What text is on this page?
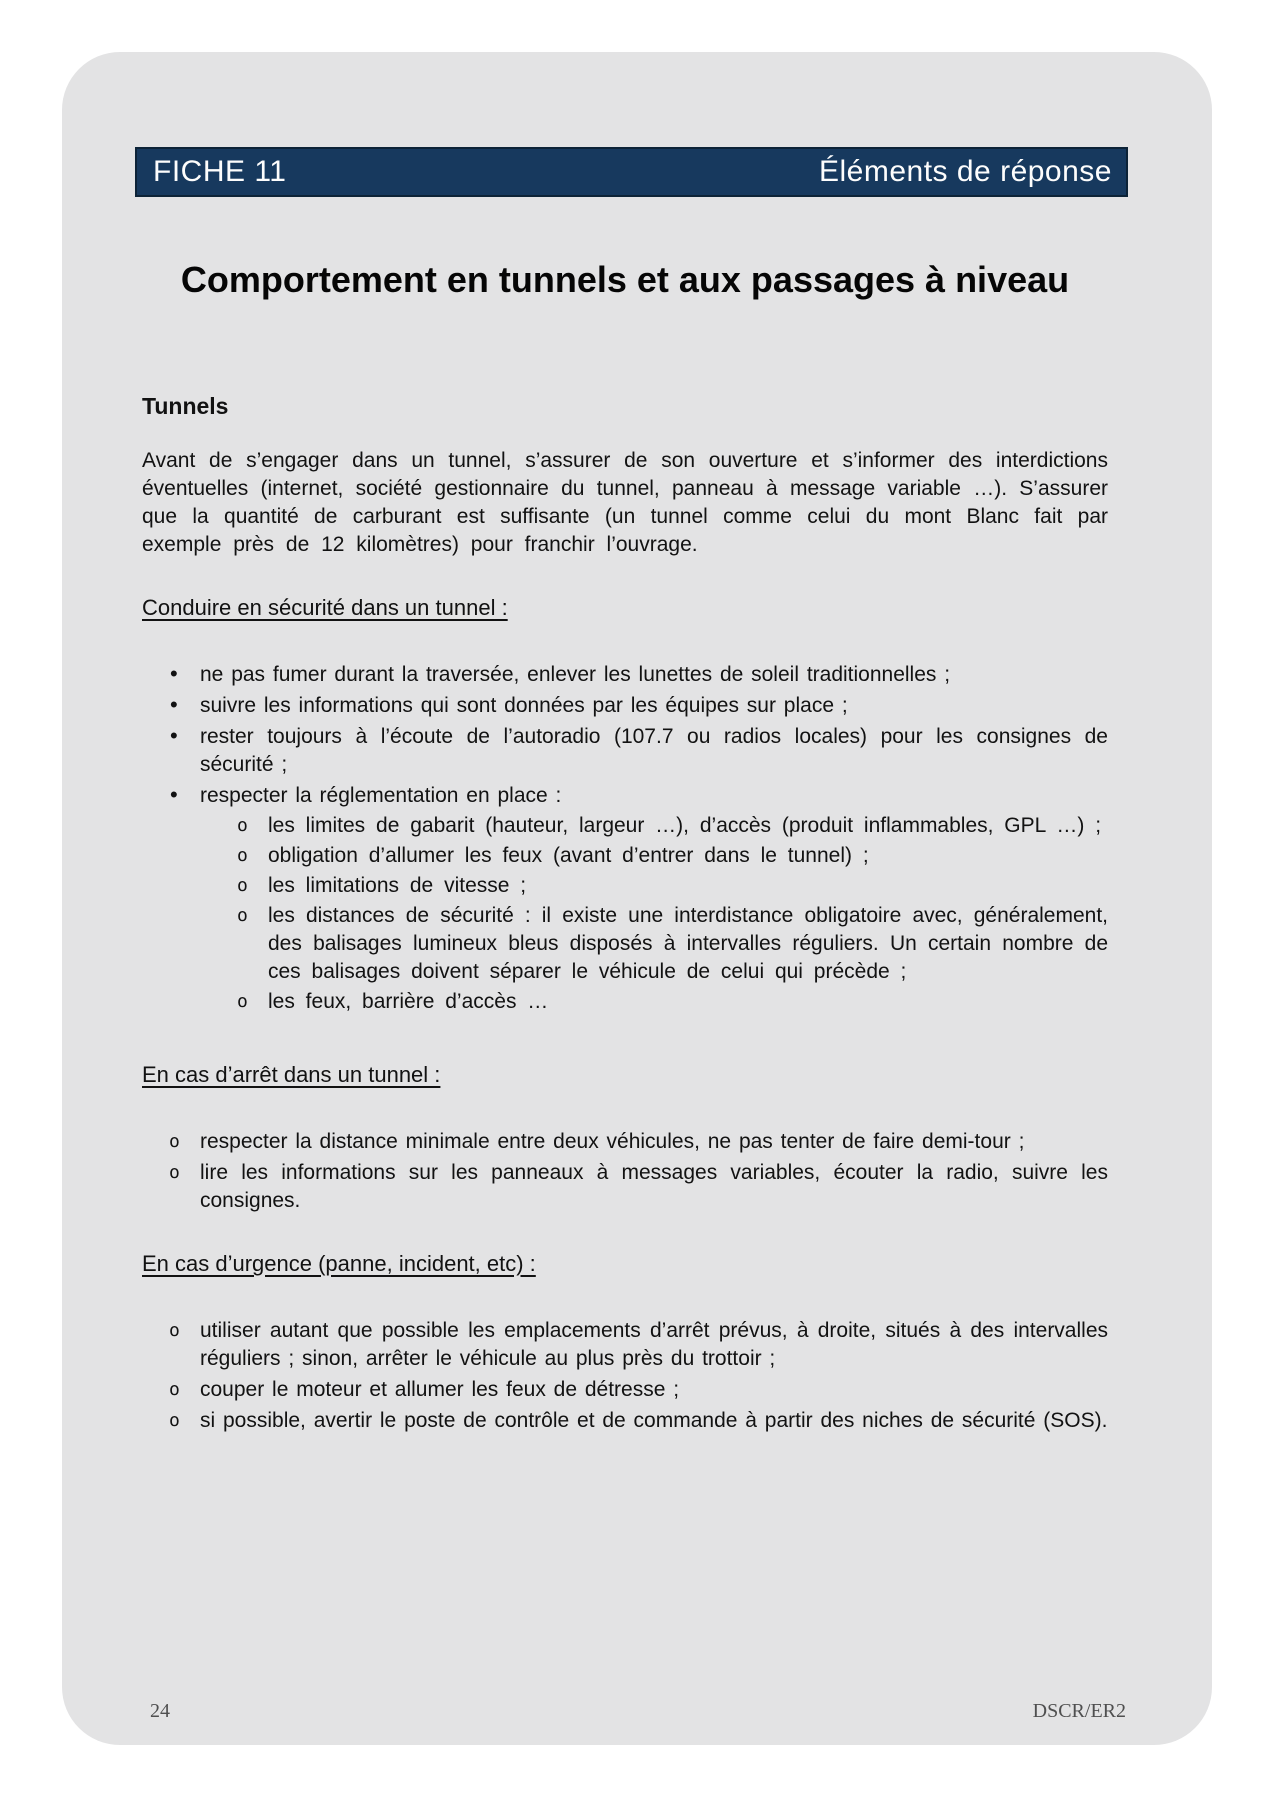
FICHE 11	Éléments de réponse
Comportement en tunnels et aux passages à niveau
Tunnels

Avant de s’engager dans un tunnel, s’assurer de son ouverture et s’informer des interdictions éventuelles (internet, société gestionnaire du tunnel, panneau à message variable …). S’assurer que la quantité de carburant est suffisante (un tunnel comme celui du mont Blanc fait par exemple près de 12 kilomètres) pour franchir l’ouvrage.

Conduire en sécurité dans un tunnel :
• ne pas fumer durant la traversée, enlever les lunettes de soleil traditionnelles ;
• suivre les informations qui sont données par les équipes sur place ;
• rester toujours à l’écoute de l’autoradio (107.7 ou radios locales) pour les consignes de sécurité ;
• respecter la réglementation en place :
o les limites de gabarit (hauteur, largeur …), d’accès (produit inflammables, GPL …) ;
o obligation d’allumer les feux (avant d’entrer dans le tunnel) ;
o les limitations de vitesse ;
o les distances de sécurité : il existe une interdistance obligatoire avec, généralement, des balisages lumineux bleus disposés à intervalles réguliers. Un certain nombre de ces balisages doivent séparer le véhicule de celui qui précède ;
o les feux, barrière d’accès …
En cas d’arrêt dans un tunnel :
o respecter la distance minimale entre deux véhicules, ne pas tenter de faire demi-tour ;
o lire les informations sur les panneaux à messages variables, écouter la radio, suivre les consignes.
En cas d’urgence (panne, incident, etc) :
o utiliser autant que possible les emplacements d’arrêt prévus, à droite, situés à des intervalles réguliers ; sinon, arrêter le véhicule au plus près du trottoir ;
o couper le moteur et allumer les feux de détresse ;
o si possible, avertir le poste de contrôle et de commande à partir des niches de sécurité (SOS).
24	DSCR/ER2
